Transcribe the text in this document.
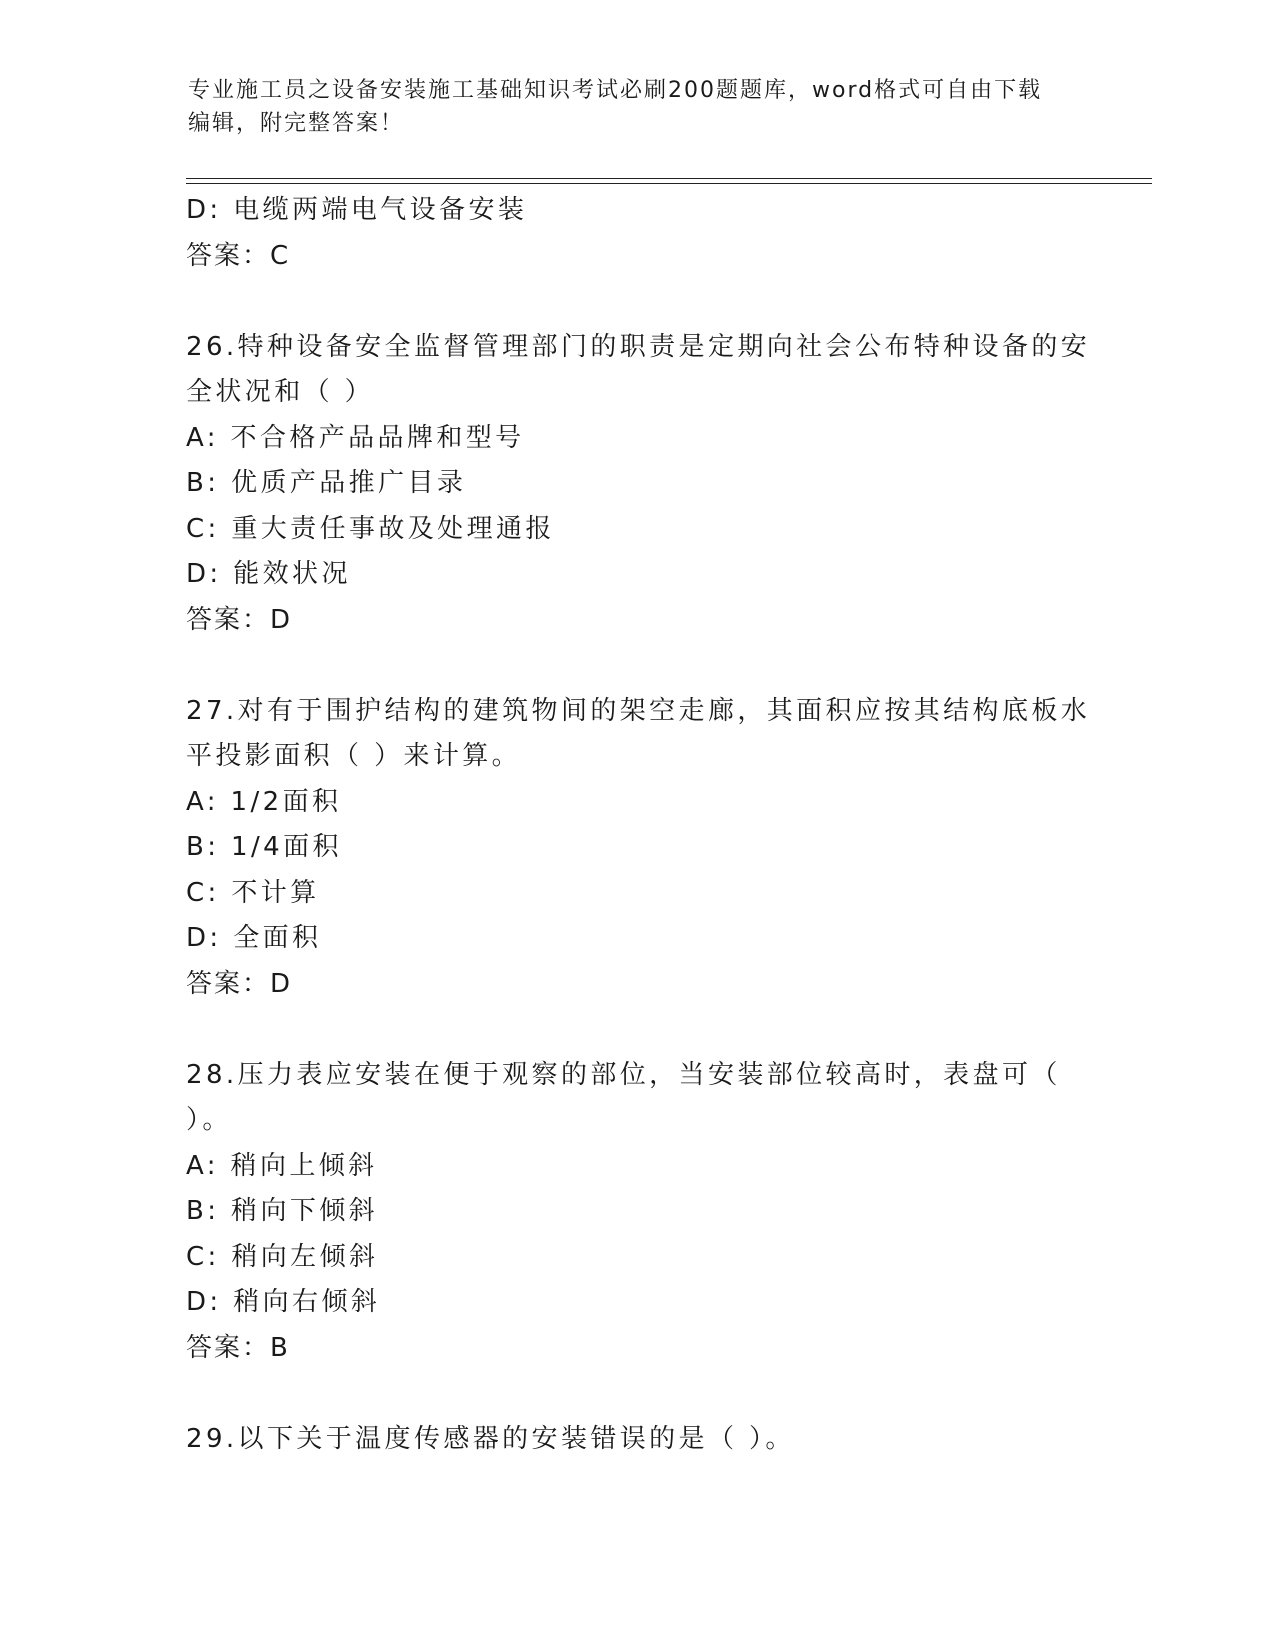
专业施工员之设备安装施工基础知识考试必刷200题题库，word格式可自由下载
编辑，附完整答案！
D: 电缆两端电气设备安装
答案：C
26.特种设备安全监督管理部门的职责是定期向社会公布特种设备的安
全状况和（ ）
A: 不合格产品品牌和型号
B: 优质产品推广目录
C: 重大责任事故及处理通报
D: 能效状况
答案：D
27.对有于围护结构的建筑物间的架空走廊，其面积应按其结构底板水
平投影面积（ ）来计算。
A: 1/2面积
B: 1/4面积
C: 不计算
D: 全面积
答案：D
28.压力表应安装在便于观察的部位，当安装部位较高时，表盘可（
）。
A: 稍向上倾斜
B: 稍向下倾斜
C: 稍向左倾斜
D: 稍向右倾斜
答案：B
29.以下关于温度传感器的安装错误的是（ ）。
